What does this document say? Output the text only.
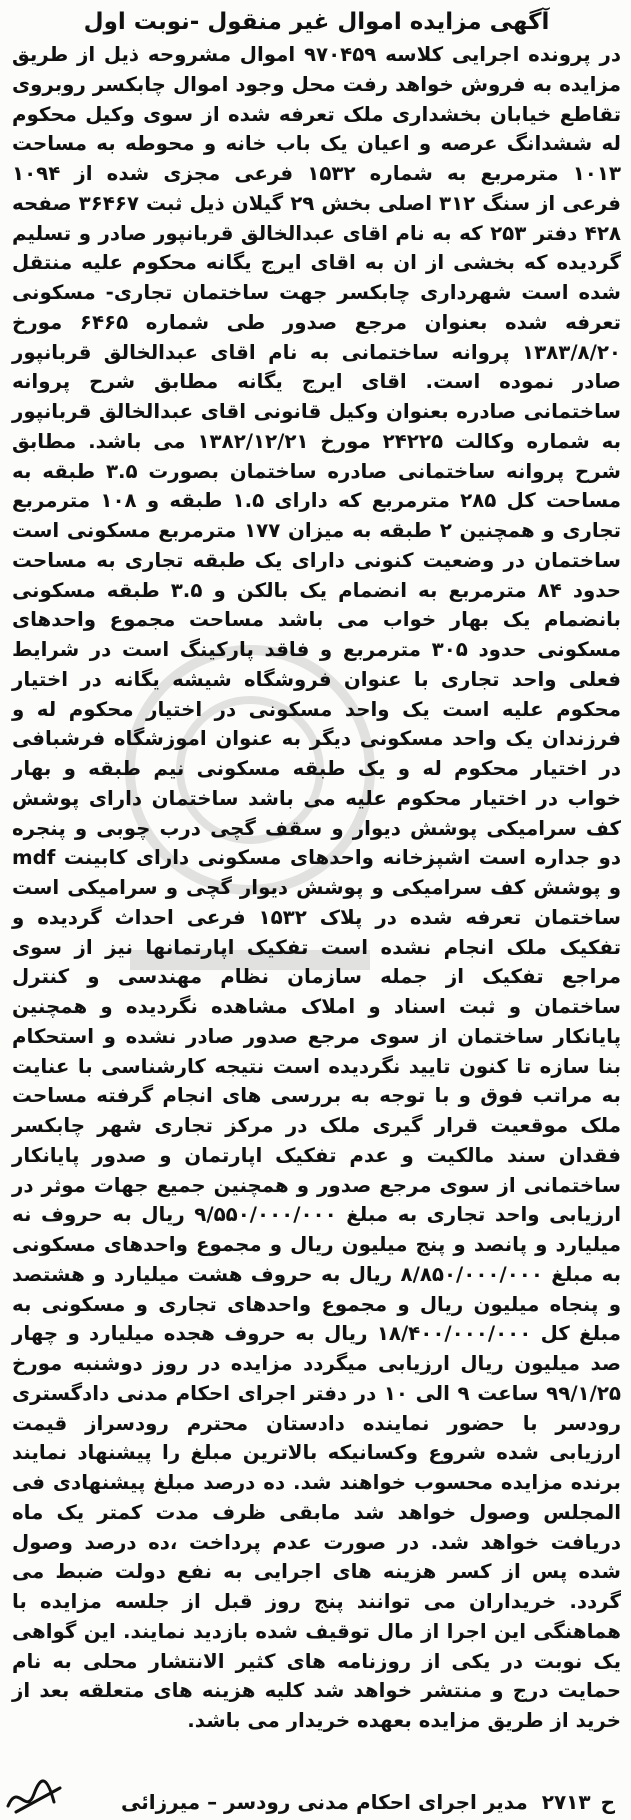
آگهی مزایده اموال غیر منقول -نوبت اول

در پرونده اجرایی کلاسه ۹۷۰۴۵۹ اموال مشروحه ذیل از طریق مزایده به فروش خواهد رفت محل وجود اموال چابکسر روبروی تقاطع خیابان بخشداری ملک تعرفه شده از سوی وکیل محکوم له ششدانگ عرصه و اعیان یک باب خانه و محوطه به مساحت ۱۰۱۳ مترمربع به شماره ۱۵۳۲ فرعی مجزی شده از ۱۰۹۴ فرعی از سنگ ۳۱۲ اصلی بخش ۲۹ گیلان ذیل ثبت ۳۶۴۶۷ صفحه ۴۲۸ دفتر ۲۵۳ که به نام اقای عبدالخالق قربانپور صادر و تسلیم گردیده که بخشی از ان به اقای ایرج یگانه محکوم علیه منتقل شده است شهرداری چابکسر جهت ساختمان تجاری- مسکونی تعرفه شده بعنوان مرجع صدور طی شماره ۶۴۶۵ مورخ ۱۳۸۳/۸/۲۰ پروانه ساختمانی به نام اقای عبدالخالق قربانپور صادر نموده است. اقای ایرج یگانه مطابق شرح پروانه ساختمانی صادره بعنوان وکیل قانونی اقای عبدالخالق قربانپور به شماره وکالت ۲۴۲۲۵ مورخ ۱۳۸۲/۱۲/۲۱ می باشد. مطابق شرح پروانه ساختمانی صادره ساختمان بصورت ۳.۵ طبقه به مساحت کل ۲۸۵ مترمربع که دارای ۱.۵ طبقه و ۱۰۸ مترمربع تجاری و همچنین ۲ طبقه به میزان ۱۷۷ مترمربع مسکونی است ساختمان در وضعیت کنونی دارای یک طبقه تجاری به مساحت حدود ۸۴ مترمربع به انضمام یک بالکن و ۳.۵ طبقه مسکونی بانضمام یک بهار خواب می باشد مساحت مجموع واحدهای مسکونی حدود ۳۰۵ مترمربع و فاقد پارکینگ است در شرایط فعلی واحد تجاری با عنوان فروشگاه شیشه یگانه در اختیار محکوم علیه است یک واحد مسکونی در اختیار محکوم له و فرزندان یک واحد مسکونی دیگر به عنوان اموزشگاه فرشبافی در اختیار محکوم له و یک طبقه مسکونی نیم طبقه و بهار خواب در اختیار محکوم علیه می باشد ساختمان دارای پوشش کف سرامیکی پوشش دیوار و سقف گچی درب چوبی و پنجره دو جداره است اشپزخانه واحدهای مسکونی دارای کابینت mdf و پوشش کف سرامیکی و پوشش دیوار گچی و سرامیکی است ساختمان تعرفه شده در پلاک ۱۵۳۲ فرعی احداث گردیده و تفکیک ملک انجام نشده است تفکیک اپارتمانها نیز از سوی مراجع تفکیک از جمله سازمان نظام مهندسی و کنترل ساختمان و ثبت اسناد و املاک مشاهده نگردیده و همچنین پایانکار ساختمان از سوی مرجع صدور صادر نشده و استحکام بنا سازه تا کنون تایید نگردیده است نتیجه کارشناسی با عنایت به مراتب فوق و با توجه به بررسی های انجام گرفته مساحت ملک موقعیت قرار گیری ملک در مرکز تجاری شهر چابکسر فقدان سند مالکیت و عدم تفکیک اپارتمان و صدور پایانکار ساختمانی از سوی مرجع صدور و همچنین جمیع جهات موثر در ارزیابی واحد تجاری به مبلغ ۹/۵۵۰/۰۰۰/۰۰۰ ریال به حروف نه میلیارد و پانصد و پنج میلیون ریال و مجموع واحدهای مسکونی به مبلغ ۸/۸۵۰/۰۰۰/۰۰۰ ریال به حروف هشت میلیارد و هشتصد و پنجاه میلیون ریال و مجموع واحدهای تجاری و مسکونی به مبلغ کل ۱۸/۴۰۰/۰۰۰/۰۰۰ ریال به حروف هجده میلیارد و چهار صد میلیون ریال ارزیابی میگردد مزایده در روز دوشنبه مورخ ۹۹/۱/۲۵ ساعت ۹ الی ۱۰ در دفتر اجرای احکام مدنی دادگستری رودسر با حضور نماینده دادستان محترم رودسراز قیمت ارزیابی شده شروع وکسانیکه بالاترین مبلغ را پیشنهاد نمایند برنده مزایده محسوب خواهند شد. ده درصد مبلغ پیشنهادی فی المجلس وصول خواهد شد مابقی ظرف مدت کمتر یک ماه دریافت خواهد شد. در صورت عدم پرداخت ،ده درصد وصول شده پس از کسر هزینه های اجرایی به نفع دولت ضبط می گردد. خریداران می توانند پنج روز قبل از جلسه مزایده با هماهنگی این اجرا از مال توقیف شده بازدید نمایند. این گواهی یک نوبت در یکی از روزنامه های کثیر الانتشار محلی به نام حمایت درج و منتشر خواهد شد کلیه هزینه های متعلقه بعد از خرید از طریق مزایده بعهده خریدار می باشد.

ح
۲۷۱۳
مدیر اجرای احکام مدنی رودسر – میرزائی
